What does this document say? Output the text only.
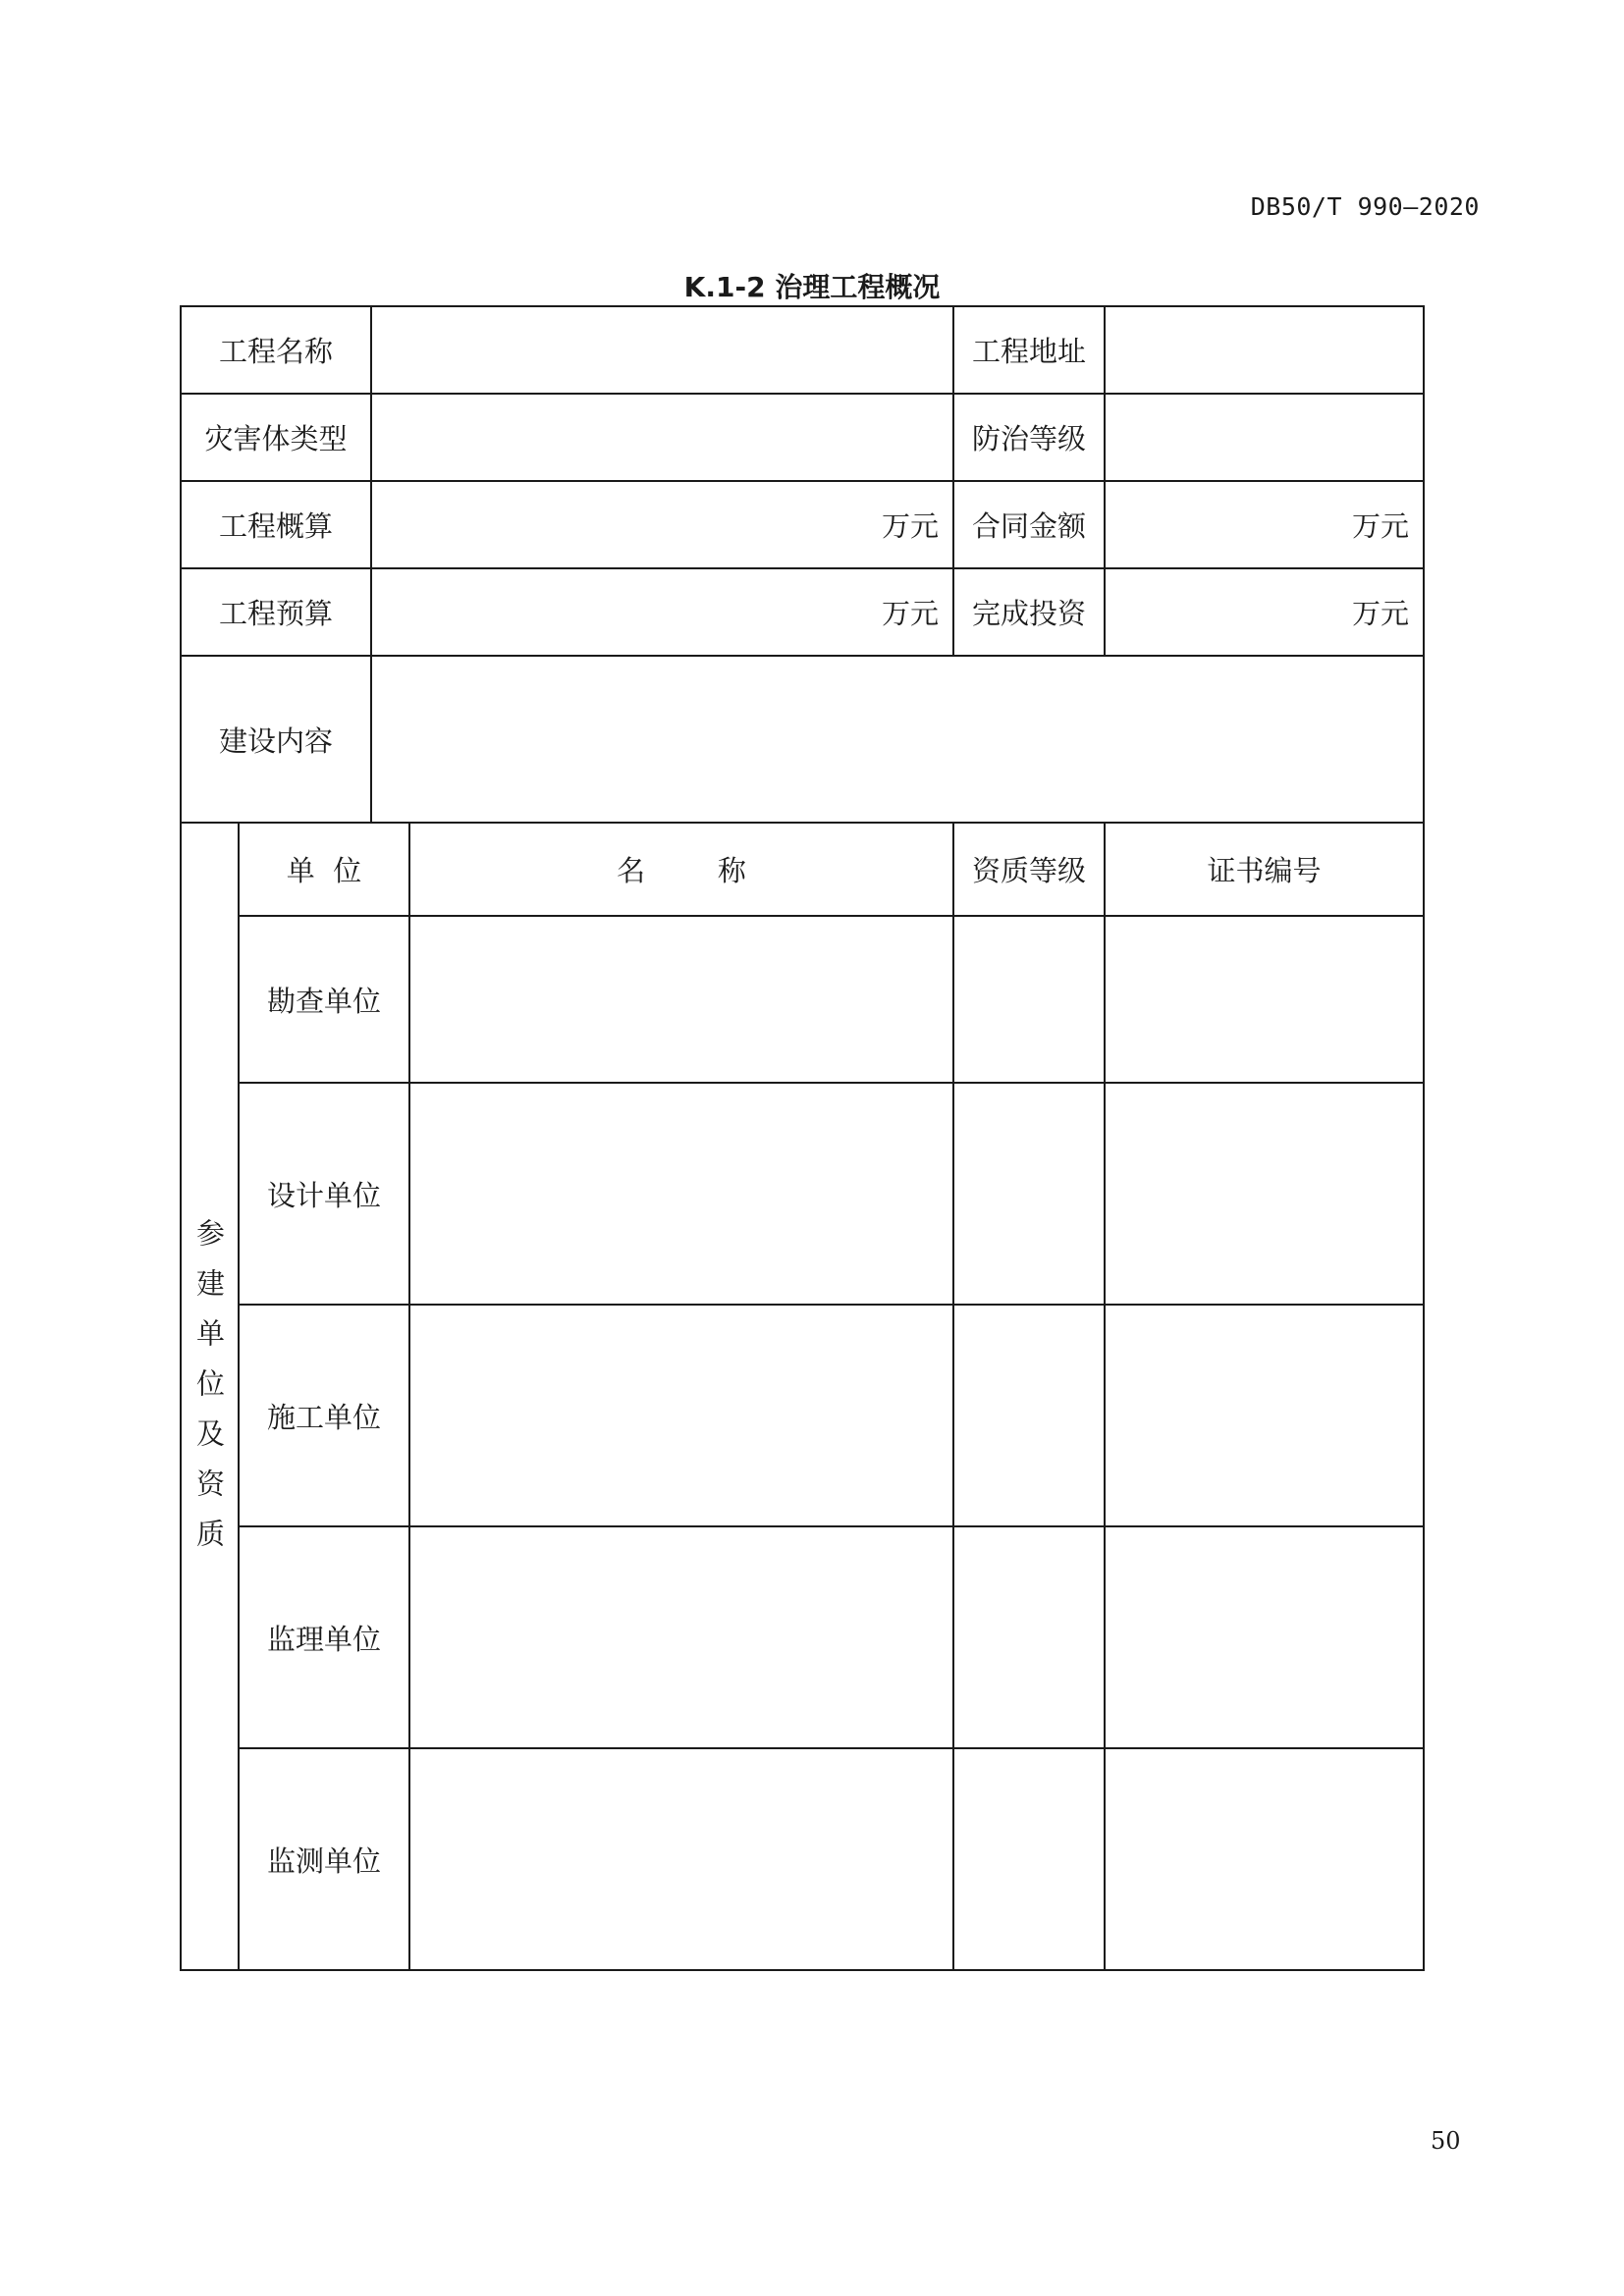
DB50/T 990—2020
K.1-2 治理工程概况
工程名称				工程地址	
灾害体类型				防治等级	
工程概算		万元		合同金额	万元
工程预算		万元		完成投资	万元
建设内容					
参建单位及资质	单  位		名        称	资质等级	证书编号
	勘查单位				
	设计单位				
	施工单位				
	监理单位				
	监测单位				
50
